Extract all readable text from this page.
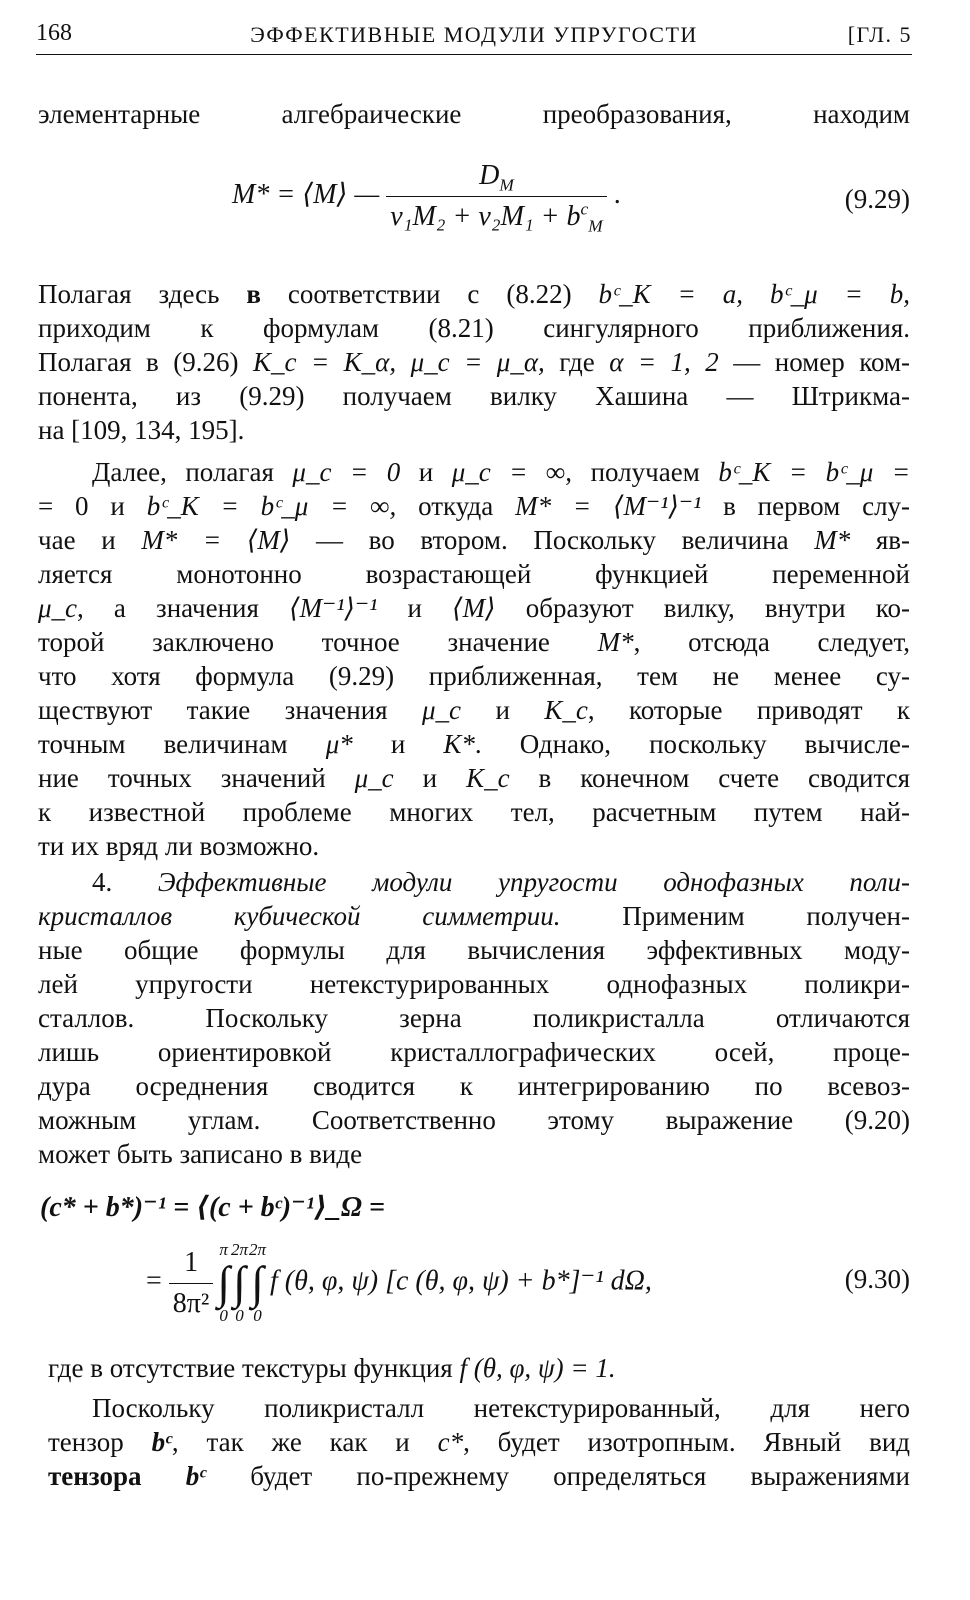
168	ЭФФЕКТИВНЫЕ МОДУЛИ УПРУГОСТИ	[ГЛ. 5
элементарные алгебраические преобразования, находим
M* = ⟨M⟩ — $\frac{D_M}{v_1M_2 + v_2M_1 + b^c_M}$ .	(9.29)
Полагая здесь в соответствии с (8.22) bᶜ_K = a, bᶜ_μ = b,
приходим к формулам (8.21) сингулярного приближения.
Полагая в (9.26) K_c = K_α, μ_c = μ_α, где α = 1, 2 — номер ком-
понента, из (9.29) получаем вилку Хашина — Штрикма-
на [109, 134, 195].
Далее, полагая μ_c = 0 и μ_c = ∞, получаем bᶜ_K = bᶜ_μ =
= 0 и bᶜ_K = bᶜ_μ = ∞, откуда M* = ⟨M⁻¹⟩⁻¹ в первом слу-
чае и M* = ⟨M⟩ — во втором. Поскольку величина M* яв-
ляется монотонно возрастающей функцией переменной
μ_c, а значения ⟨M⁻¹⟩⁻¹ и ⟨M⟩ образуют вилку, внутри ко-
торой заключено точное значение M*, отсюда следует,
что хотя формула (9.29) приближенная, тем не менее су-
ществуют такие значения μ_c и K_c, которые приводят к
точным величинам μ* и K*. Однако, поскольку вычисле-
ние точных значений μ_c и K_c в конечном счете сводится
к известной проблеме многих тел, расчетным путем най-
ти их вряд ли возможно.
4. Эффективные модули упругости однофазных поли-
кристаллов кубической симметрии. Применим получен-
ные общие формулы для вычисления эффективных моду-
лей упругости нетекстурированных однофазных поликри-
сталлов. Поскольку зерна поликристалла отличаются
лишь ориентировкой кристаллографических осей, проце-
дура осреднения сводится к интегрированию по всевоз-
можным углам. Соответственно этому выражение (9.20)
может быть записано в виде
(c* + b*)⁻¹ = ⟨(c + bᶜ)⁻¹⟩_Ω =
= $\frac{1}{\text{8π²}}$
π
∫
0

2π
∫
0

2π
∫
0
f (θ, φ, ψ) [c (θ, φ, ψ) + b*]⁻¹ dΩ,	(9.30)
где в отсутствие текстуры функция f (θ, φ, ψ) = 1.
Поскольку поликристалл нетекстурированный, для него
тензор bᶜ, так же как и c*, будет изотропным. Явный вид
тензора bᶜ будет по-прежнему определяться выражениями
